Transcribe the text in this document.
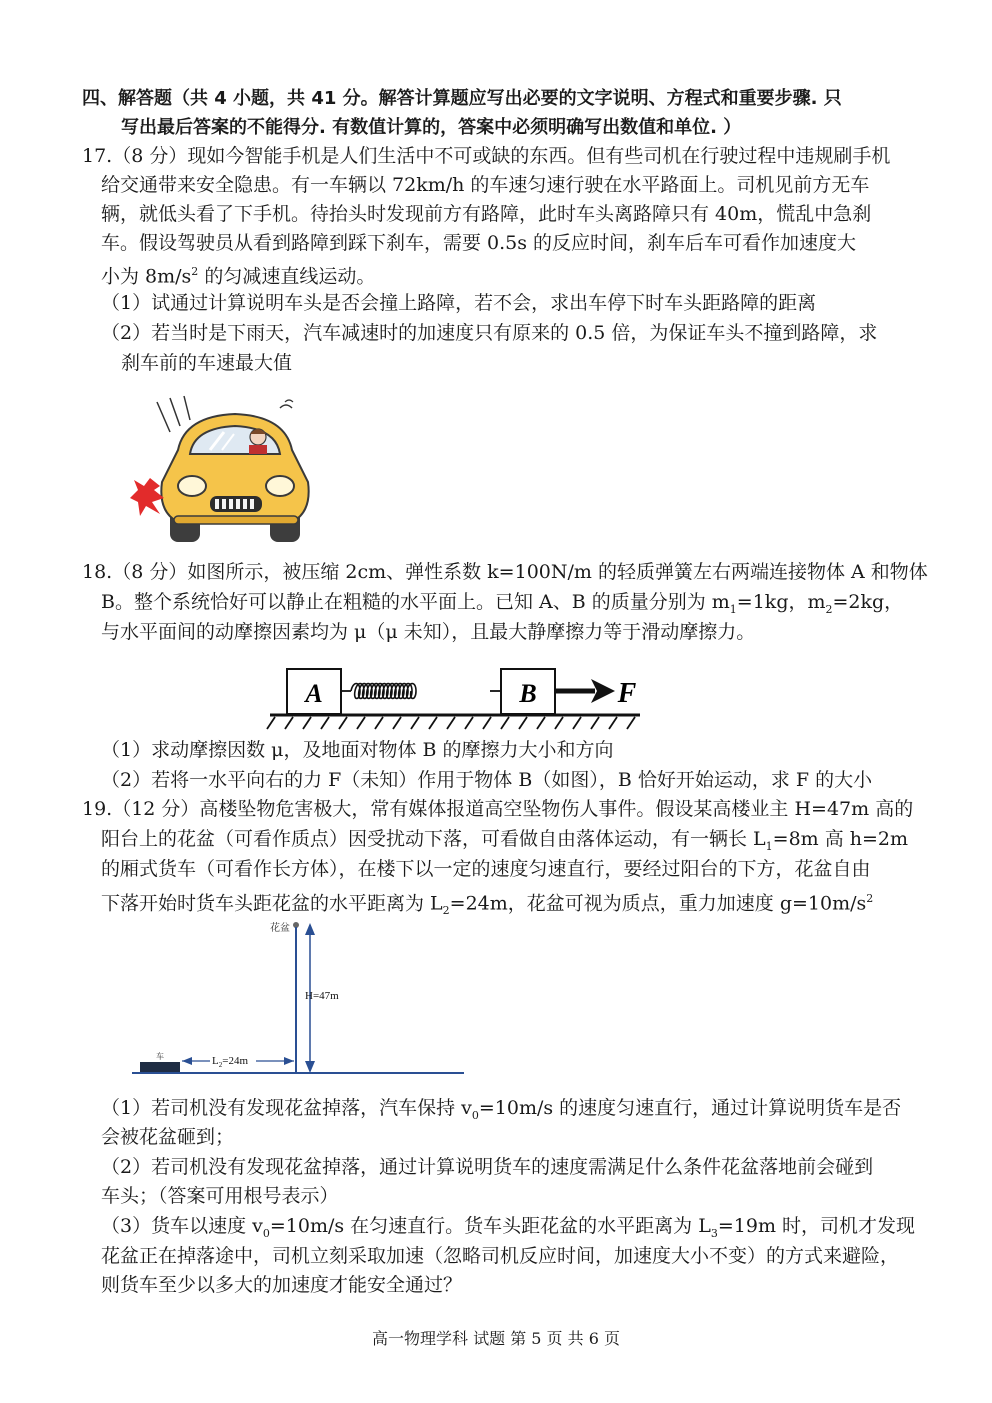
四、解答题（共 4 小题，共 41 分。解答计算题应写出必要的文字说明、方程式和重要步骤. 只
写出最后答案的不能得分. 有数值计算的，答案中必须明确写出数值和单位. ）
17.（8 分）现如今智能手机是人们生活中不可或缺的东西。但有些司机在行驶过程中违规刷手机
给交通带来安全隐患。有一车辆以 72km/h 的车速匀速行驶在水平路面上。司机见前方无车
辆，就低头看了下手机。待抬头时发现前方有路障，此时车头离路障只有 40m，慌乱中急刹
车。假设驾驶员从看到路障到踩下刹车，需要 0.5s 的反应时间，刹车后车可看作加速度大
小为 $8m/s^2$ 的匀减速直线运动。
（1）试通过计算说明车头是否会撞上路障，若不会，求出车停下时车头距路障的距离
（2）若当时是下雨天，汽车减速时的加速度只有原来的 0.5 倍，为保证车头不撞到路障，求
刹车前的车速最大值
18.（8 分）如图所示，被压缩 2cm、弹性系数 k=100N/m 的轻质弹簧左右两端连接物体 A 和物体
B。整个系统恰好可以静止在粗糙的水平面上。已知 A、B 的质量分别为 $m_1=1kg$，$m_2=2kg$，
与水平面间的动摩擦因素均为 μ（μ 未知），且最大静摩擦力等于滑动摩擦力。
A	B	F
（1）求动摩擦因数 μ，及地面对物体 B 的摩擦力大小和方向
（2）若将一水平向右的力 F（未知）作用于物体 B（如图），B 恰好开始运动，求 F 的大小
19.（12 分）高楼坠物危害极大，常有媒体报道高空坠物伤人事件。假设某高楼业主 H=47m 高的
阳台上的花盆（可看作质点）因受扰动下落，可看做自由落体运动，有一辆长 $L_1=8m$ 高 h=2m
的厢式货车（可看作长方体），在楼下以一定的速度匀速直行，要经过阳台的下方，花盆自由
下落开始时货车头距花盆的水平距离为 $L_2=24m$，花盆可视为质点，重力加速度 $g=10m/s^2$
花盆
H=47m
车	$L_2=24m$
（1）若司机没有发现花盆掉落，汽车保持 $v_0=10m/s$ 的速度匀速直行，通过计算说明货车是否
会被花盆砸到；
（2）若司机没有发现花盆掉落，通过计算说明货车的速度需满足什么条件花盆落地前会碰到
车头；（答案可用根号表示）
（3）货车以速度 $v_0=10m/s$ 在匀速直行。货车头距花盆的水平距离为 $L_3=19m$ 时，司机才发现
花盆正在掉落途中，司机立刻采取加速（忽略司机反应时间，加速度大小不变）的方式来避险，
则货车至少以多大的加速度才能安全通过？
高一物理学科 试题 第 5 页 共 6 页
